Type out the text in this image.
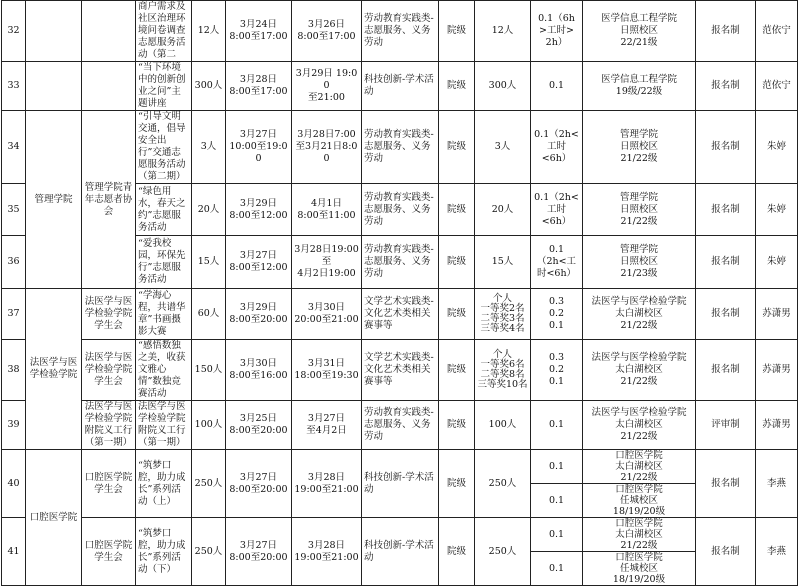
32			商户需求及社区治理环境问卷调查志愿服务活动（第二	12人	3月24日
8:00至17:00	3月26日
8:00至17:00	劳动教育实践类-志愿服务、义务劳动	院级	12人	0.1（6h
>工时>
2h）	医学信息工程学院
日照校区
22/21级	报名制	范依宁
33			“当下环境中的创新创业之问”主题讲座	300人	3月28日
8:00至17:00	3月29日 19:00
至21:00	科技创新-学术活动	院级	300人	0.1	医学信息工程学院
19级/22级	报名制	范依宁
34	管理学院	管理学院青年志愿者协会	“引导文明交通，倡导安全出行”交通志愿服务活动（第二期）	3人	3月27日
10:00至19:00	3月28日7:00
至3月21日8:00	劳动教育实践类-志愿服务、义务劳动	院级	3人	0.1（2h<
工时
<6h）	管理学院
日照校区
21/22级	报名制	朱婷
35			“绿色用水，春天之约”志愿服务活动	20人	3月29日
8:00至12:00	4月1日
8:00至11:00	劳动教育实践类-志愿服务、义务劳动	院级	20人	0.1（2h<
工时
<6h）	管理学院
日照校区
21/22级	报名制	朱婷
36			“爱我校园，环保先行”志愿服务活动	15人	3月27日
8:00至12:00	3月28日19:00至
4月2日19:00	劳动教育实践类-志愿服务、义务劳动	院级	15人	0.1
（2h<工
时<6h）	管理学院
日照校区
21/23级	报名制	朱婷
37	法医学与医学检验学院	法医学与医学检验学院学生会	“学海心程，共谱华章”书画摄影大赛	60人	3月29日
8:00至20:00	3月30日
20:00至21:00	文学艺术实践类-文化艺术类相关赛事等	院级	个人
一等奖2名
二等奖3名
三等奖4名	0.3
0.2
0.1	法医学与医学检验学院
太白湖校区
21/22级	报名制	苏潇男
38		法医学与医学检验学院学生会	“感悟数独之美，收获文雅心情”数独竞赛活动	150人	3月30日
8:00至16:00	3月31日
18:00至19:30	文学艺术实践类-文化艺术类相关赛事等	院级	个人
一等奖6名
二等奖8名
三等奖10名	0.3
0.2
0.1	法医学与医学检验学院
太白湖校区
21/22级	报名制	苏潇男
39		法医学与医学检验学院附院义工行（第一期）	法医学与医学检验学院附院义工行（第一期）	100人	3月25日
8:00至20:00	3月27日
至4月2日	劳动教育实践类-志愿服务、义务劳动	院级	100人	0.1	法医学与医学检验学院
太白湖校区
21/22级	评审制	苏潇男
40	口腔医学院	口腔医学院学生会	“筑梦口腔，助力成长”系列活动（上）	250人	3月27日
8:00至20:00	3月28日
19:00至21:00	科技创新-学术活动	院级	250人	0.1	口腔医学院
太白湖校区
21/22级	报名制	李燕
										0.1	口腔医学院
任城校区
18/19/20级		
41		口腔医学院学生会	“筑梦口腔，助力成长”系列活动（下）	250人	3月27日
8:00至20:00	3月28日
19:00至21:00	科技创新-学术活动	院级	250人	0.1	口腔医学院
太白湖校区
21/22级	报名制	李燕
										0.1	口腔医学院
任城校区
18/19/20级		
